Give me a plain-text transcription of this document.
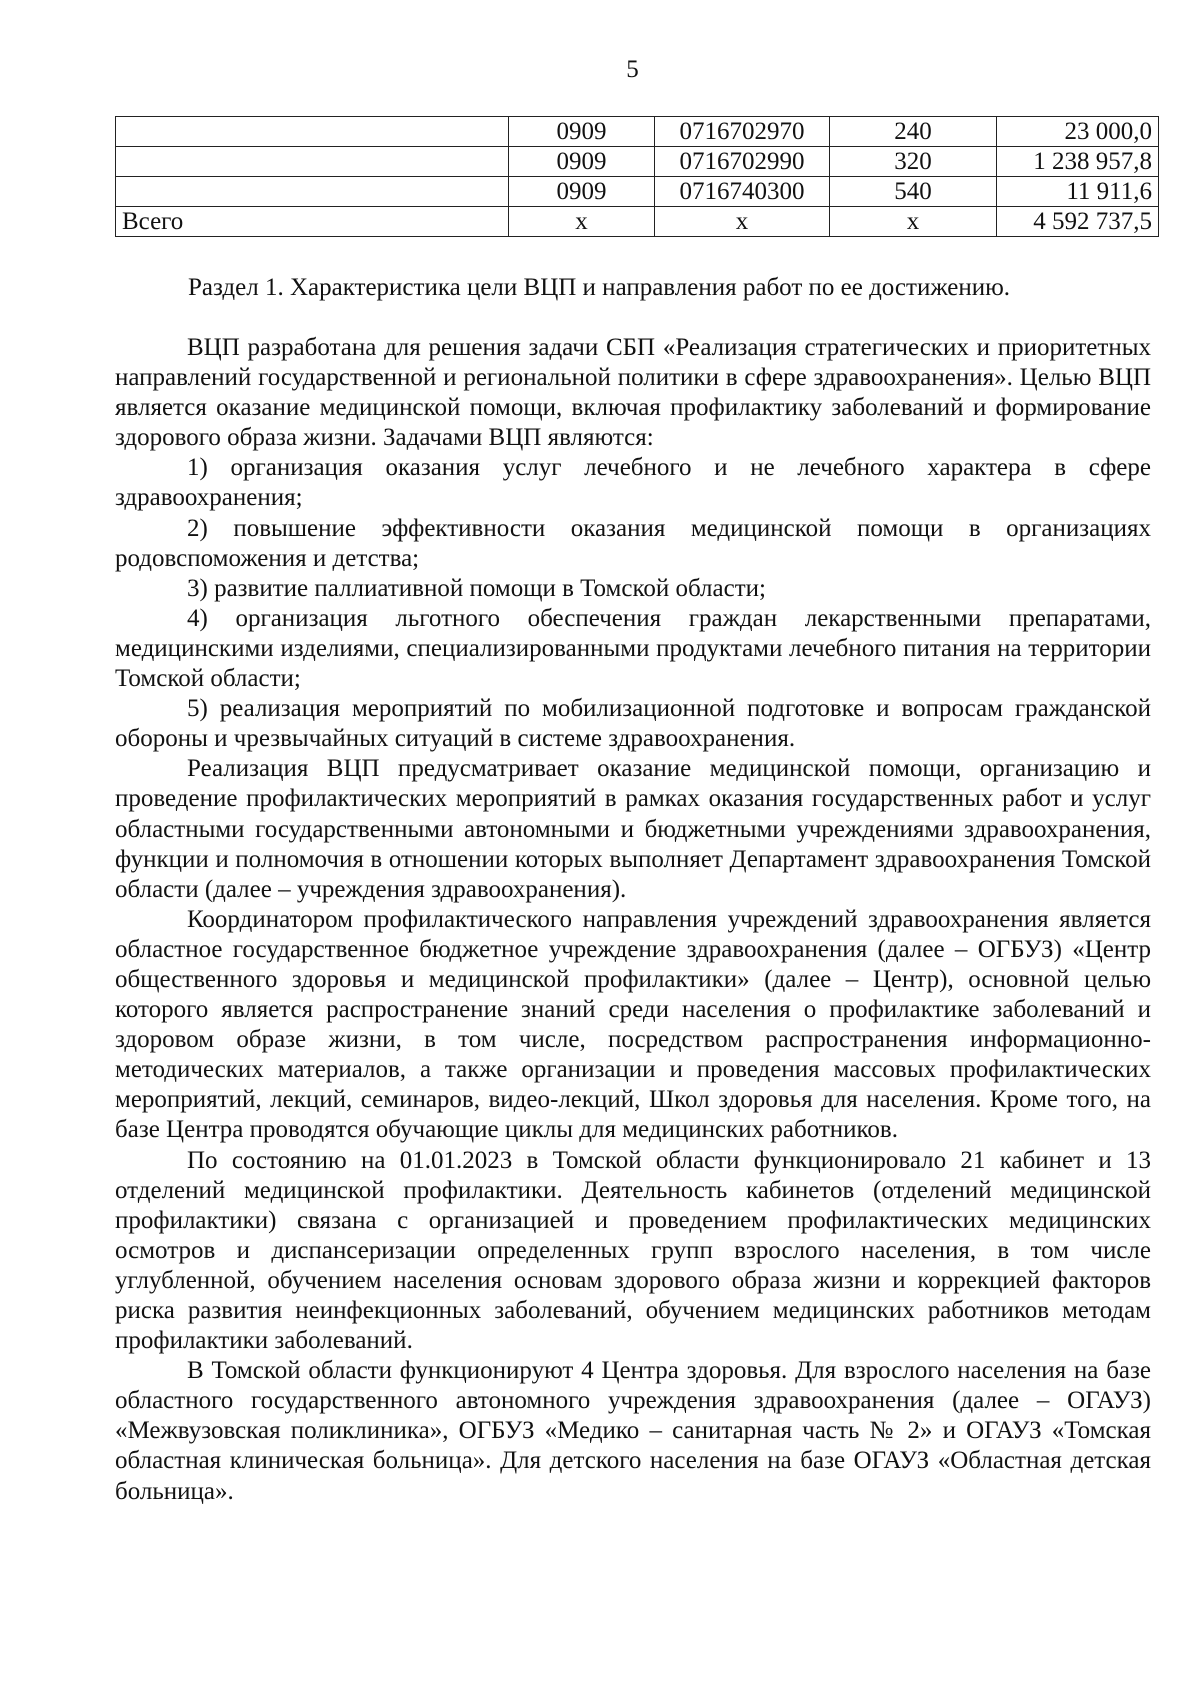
5
	0909	0716702970	240	23 000,0
	0909	0716702990	320	1 238 957,8
	0909	0716740300	540	11 911,6
Всего	х	х	х	4 592 737,5
Раздел 1. Характеристика цели ВЦП и направления работ по ее достижению.

ВЦП разработана для решения задачи СБП «Реализация стратегических и приоритетных направлений государственной и региональной политики в сфере здравоохранения». Целью ВЦП является оказание медицинской помощи, включая профилактику заболеваний и формирование здорового образа жизни. Задачами ВЦП являются:

1) организация оказания услуг лечебного и не лечебного характера в сфере здравоохранения;

2) повышение эффективности оказания медицинской помощи в организациях родовспоможения и детства;

3) развитие паллиативной помощи в Томской области;

4) организация льготного обеспечения граждан лекарственными препаратами, медицинскими изделиями, специализированными продуктами лечебного питания на территории Томской области;

5) реализация мероприятий по мобилизационной подготовке и вопросам гражданской обороны и чрезвычайных ситуаций в системе здравоохранения.

Реализация ВЦП предусматривает оказание медицинской помощи, организацию и проведение профилактических мероприятий в рамках оказания государственных работ и услуг областными государственными автономными и бюджетными учреждениями здравоохранения, функции и полномочия в отношении которых выполняет Департамент здравоохранения Томской области (далее – учреждения здравоохранения).

Координатором профилактического направления учреждений здравоохранения является областное государственное бюджетное учреждение здравоохранения (далее – ОГБУЗ) «Центр общественного здоровья и медицинской профилактики» (далее – Центр), основной целью которого является распространение знаний среди населения о профилактике заболеваний и здоровом образе жизни, в том числе, посредством распространения информационно-методических материалов, а также организации и проведения массовых профилактических мероприятий, лекций, семинаров, видео-лекций, Школ здоровья для населения. Кроме того, на базе Центра проводятся обучающие циклы для медицинских работников.

По состоянию на 01.01.2023 в Томской области функционировало 21 кабинет и 13 отделений медицинской профилактики. Деятельность кабинетов (отделений медицинской профилактики) связана с организацией и проведением профилактических медицинских осмотров и диспансеризации определенных групп взрослого населения, в том числе углубленной, обучением населения основам здорового образа жизни и коррекцией факторов риска развития неинфекционных заболеваний, обучением медицинских работников методам профилактики заболеваний.

В Томской области функционируют 4 Центра здоровья. Для взрослого населения на базе областного государственного автономного учреждения здравоохранения (далее – ОГАУЗ) «Межвузовская поликлиника», ОГБУЗ «Медико – санитарная часть № 2» и ОГАУЗ «Томская областная клиническая больница». Для детского населения на базе ОГАУЗ «Областная детская больница».
